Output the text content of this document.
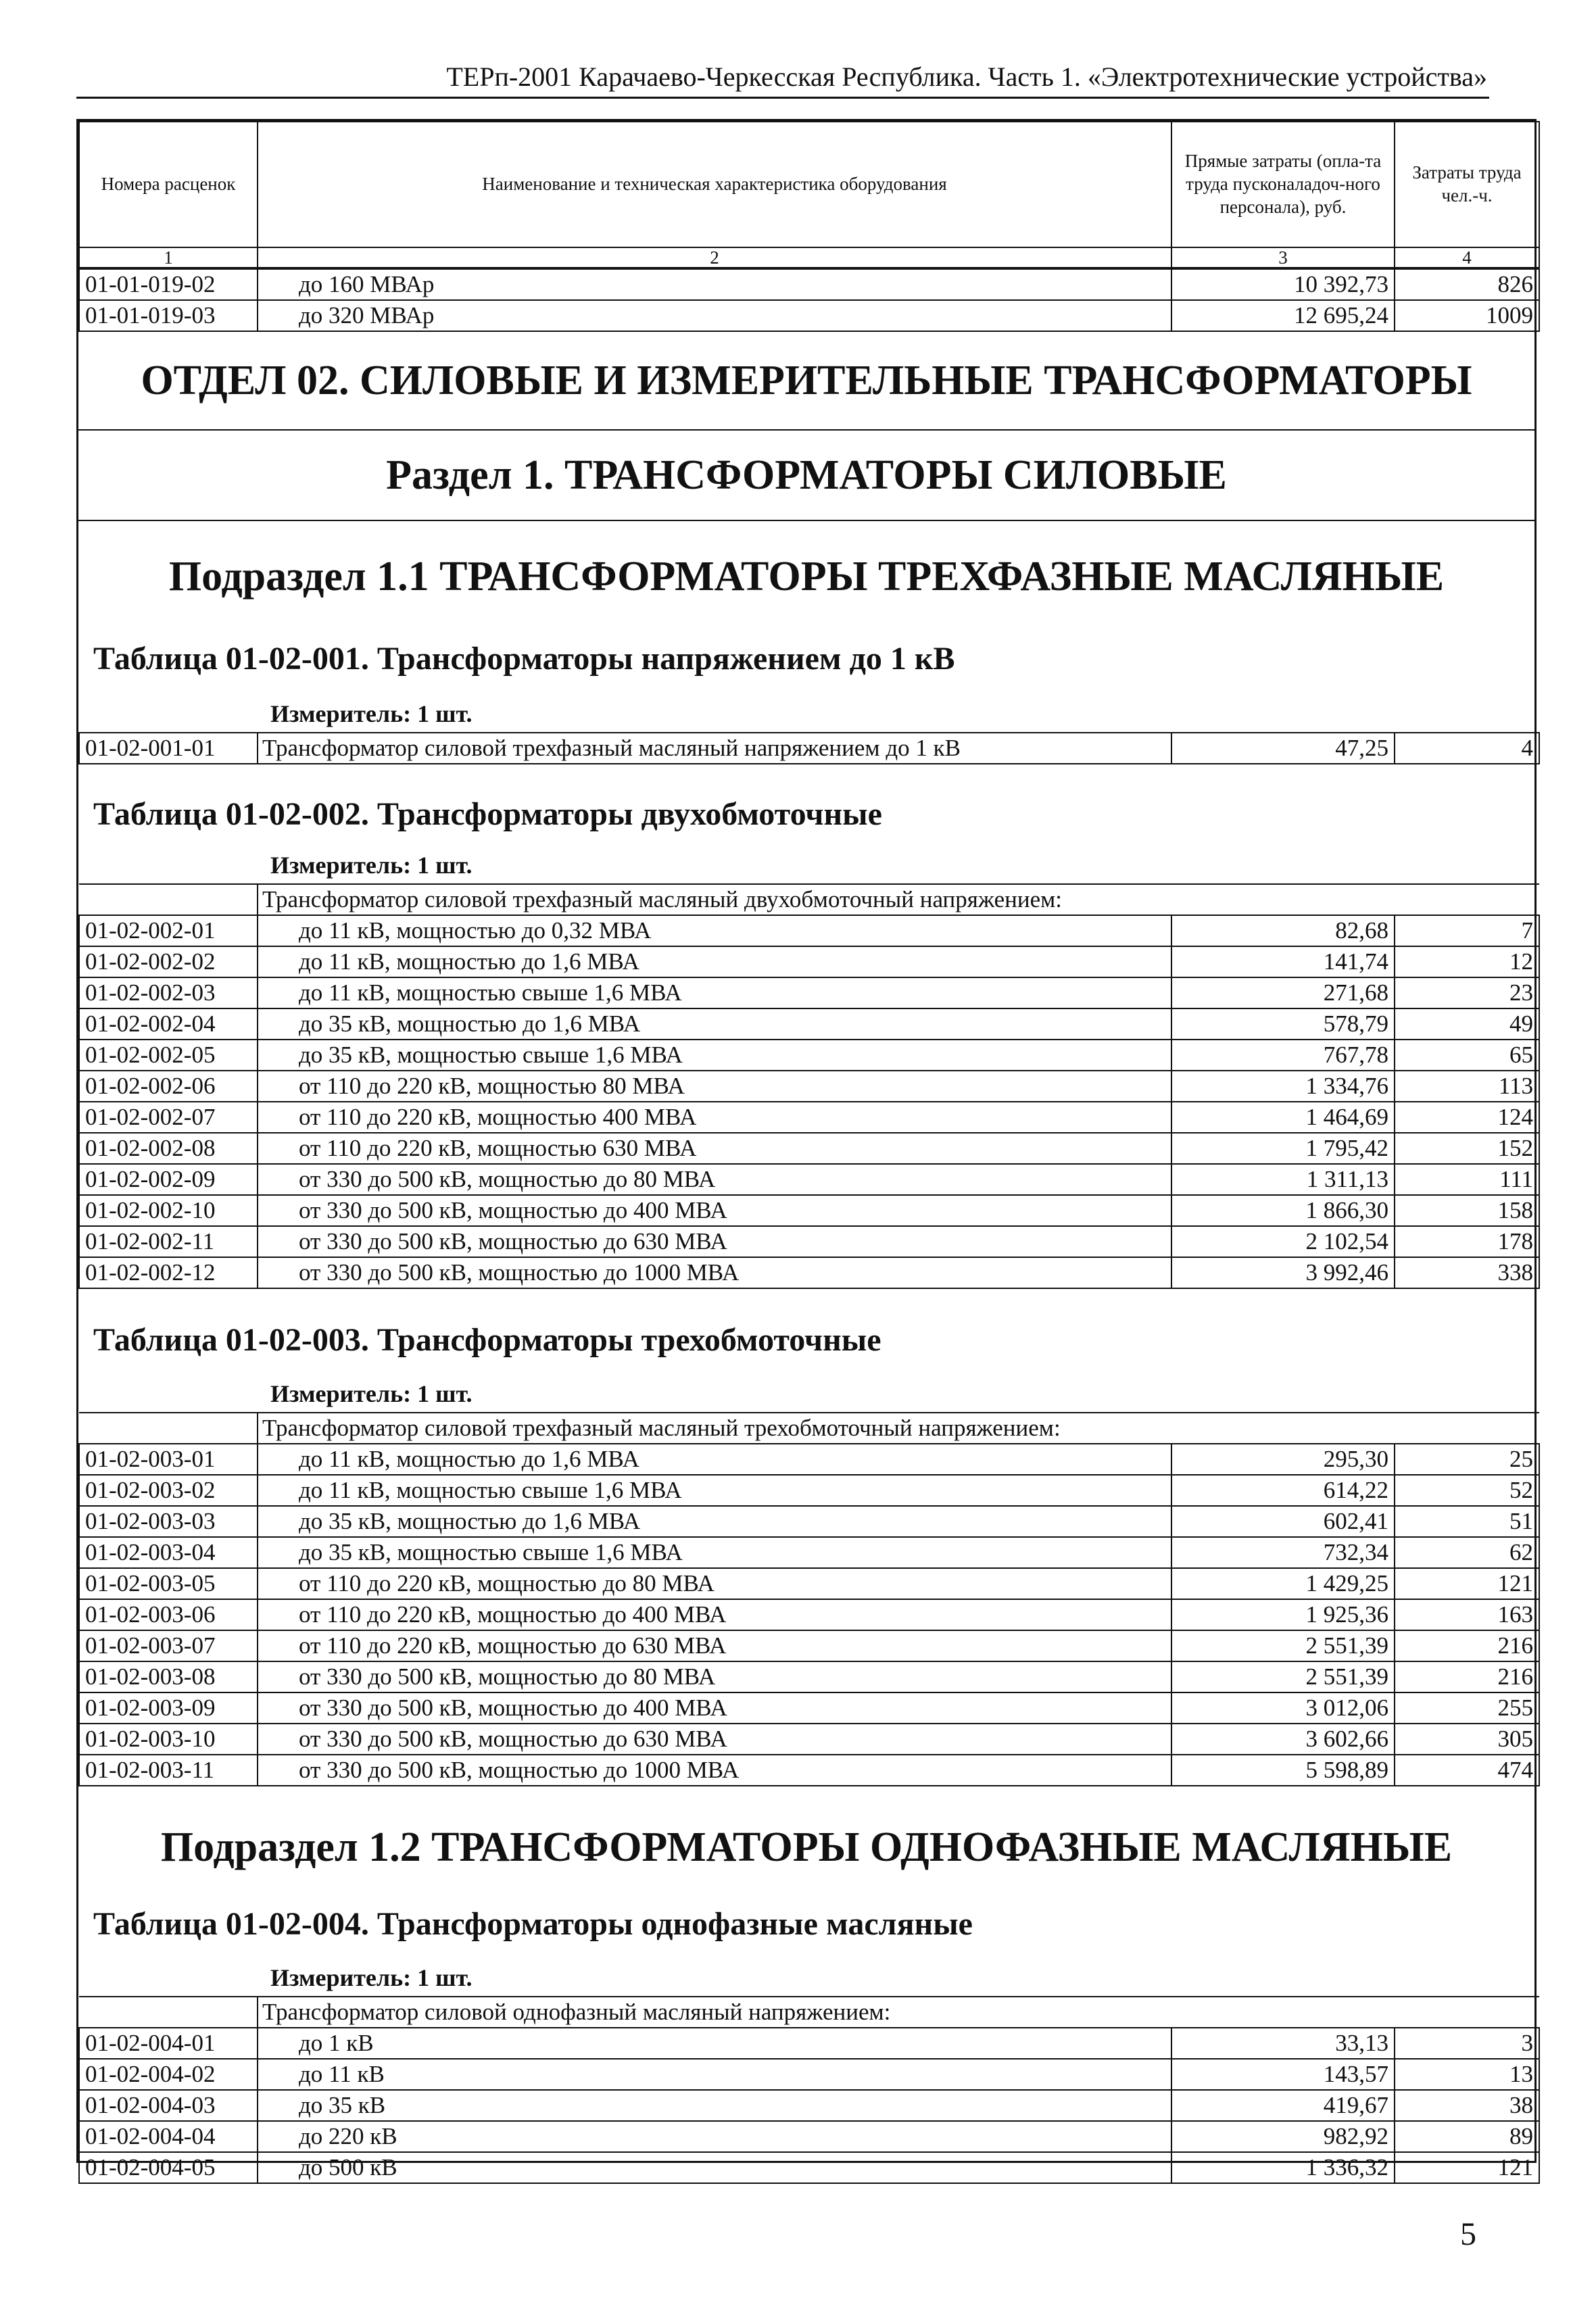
ТЕРп-2001 Карачаево-Черкесская Республика. Часть 1. «Электротехнические устройства»
Номера расценок	Наименование и техническая характеристика оборудования	Прямые затраты (опла-та труда пусконаладоч-ного персонала), руб.	Затраты труда чел.-ч.
1	2	3	4
01-01-019-02	до 160 МВАр	10 392,73	826
01-01-019-03	до 320 МВАр	12 695,24	1009
ОТДЕЛ 02. СИЛОВЫЕ И ИЗМЕРИТЕЛЬНЫЕ ТРАНСФОРМАТОРЫ
Раздел 1. ТРАНСФОРМАТОРЫ СИЛОВЫЕ
Подраздел 1.1 ТРАНСФОРМАТОРЫ ТРЕХФАЗНЫЕ МАСЛЯНЫЕ
Таблица 01-02-001. Трансформаторы напряжением до 1 кВ
Измеритель: 1 шт.
01-02-001-01	Трансформатор силовой трехфазный масляный напряжением до 1 кВ	47,25	4
Таблица 01-02-002. Трансформаторы двухобмоточные
Измеритель: 1 шт.
	Трансформатор силовой трехфазный масляный двухобмоточный напряжением:		
01-02-002-01	до 11 кВ, мощностью до 0,32 МВА	82,68	7
01-02-002-02	до 11 кВ, мощностью до 1,6 МВА	141,74	12
01-02-002-03	до 11 кВ, мощностью свыше 1,6 МВА	271,68	23
01-02-002-04	до 35 кВ, мощностью до 1,6 МВА	578,79	49
01-02-002-05	до 35 кВ, мощностью свыше 1,6 МВА	767,78	65
01-02-002-06	от 110 до 220 кВ, мощностью 80 МВА	1 334,76	113
01-02-002-07	от 110 до 220 кВ, мощностью 400 МВА	1 464,69	124
01-02-002-08	от 110 до 220 кВ, мощностью 630 МВА	1 795,42	152
01-02-002-09	от 330 до 500 кВ, мощностью до 80 МВА	1 311,13	111
01-02-002-10	от 330 до 500 кВ, мощностью до 400 МВА	1 866,30	158
01-02-002-11	от 330 до 500 кВ, мощностью до 630 МВА	2 102,54	178
01-02-002-12	от 330 до 500 кВ, мощностью до 1000 МВА	3 992,46	338
Таблица 01-02-003. Трансформаторы трехобмоточные
Измеритель: 1 шт.
	Трансформатор силовой трехфазный масляный трехобмоточный напряжением:		
01-02-003-01	до 11 кВ, мощностью до 1,6 МВА	295,30	25
01-02-003-02	до 11 кВ, мощностью свыше 1,6 МВА	614,22	52
01-02-003-03	до 35 кВ, мощностью до 1,6 МВА	602,41	51
01-02-003-04	до 35 кВ, мощностью свыше 1,6 МВА	732,34	62
01-02-003-05	от 110 до 220 кВ, мощностью до 80 МВА	1 429,25	121
01-02-003-06	от 110 до 220 кВ, мощностью до 400 МВА	1 925,36	163
01-02-003-07	от 110 до 220 кВ, мощностью до 630 МВА	2 551,39	216
01-02-003-08	от 330 до 500 кВ, мощностью до 80 МВА	2 551,39	216
01-02-003-09	от 330 до 500 кВ, мощностью до 400 МВА	3 012,06	255
01-02-003-10	от 330 до 500 кВ, мощностью до 630 МВА	3 602,66	305
01-02-003-11	от 330 до 500 кВ, мощностью до 1000 МВА	5 598,89	474
Подраздел 1.2 ТРАНСФОРМАТОРЫ ОДНОФАЗНЫЕ МАСЛЯНЫЕ
Таблица 01-02-004. Трансформаторы однофазные масляные
Измеритель: 1 шт.
	Трансформатор силовой однофазный масляный напряжением:		
01-02-004-01	до 1 кВ	33,13	3
01-02-004-02	до 11 кВ	143,57	13
01-02-004-03	до 35 кВ	419,67	38
01-02-004-04	до 220 кВ	982,92	89
01-02-004-05	до 500 кВ	1 336,32	121
5
